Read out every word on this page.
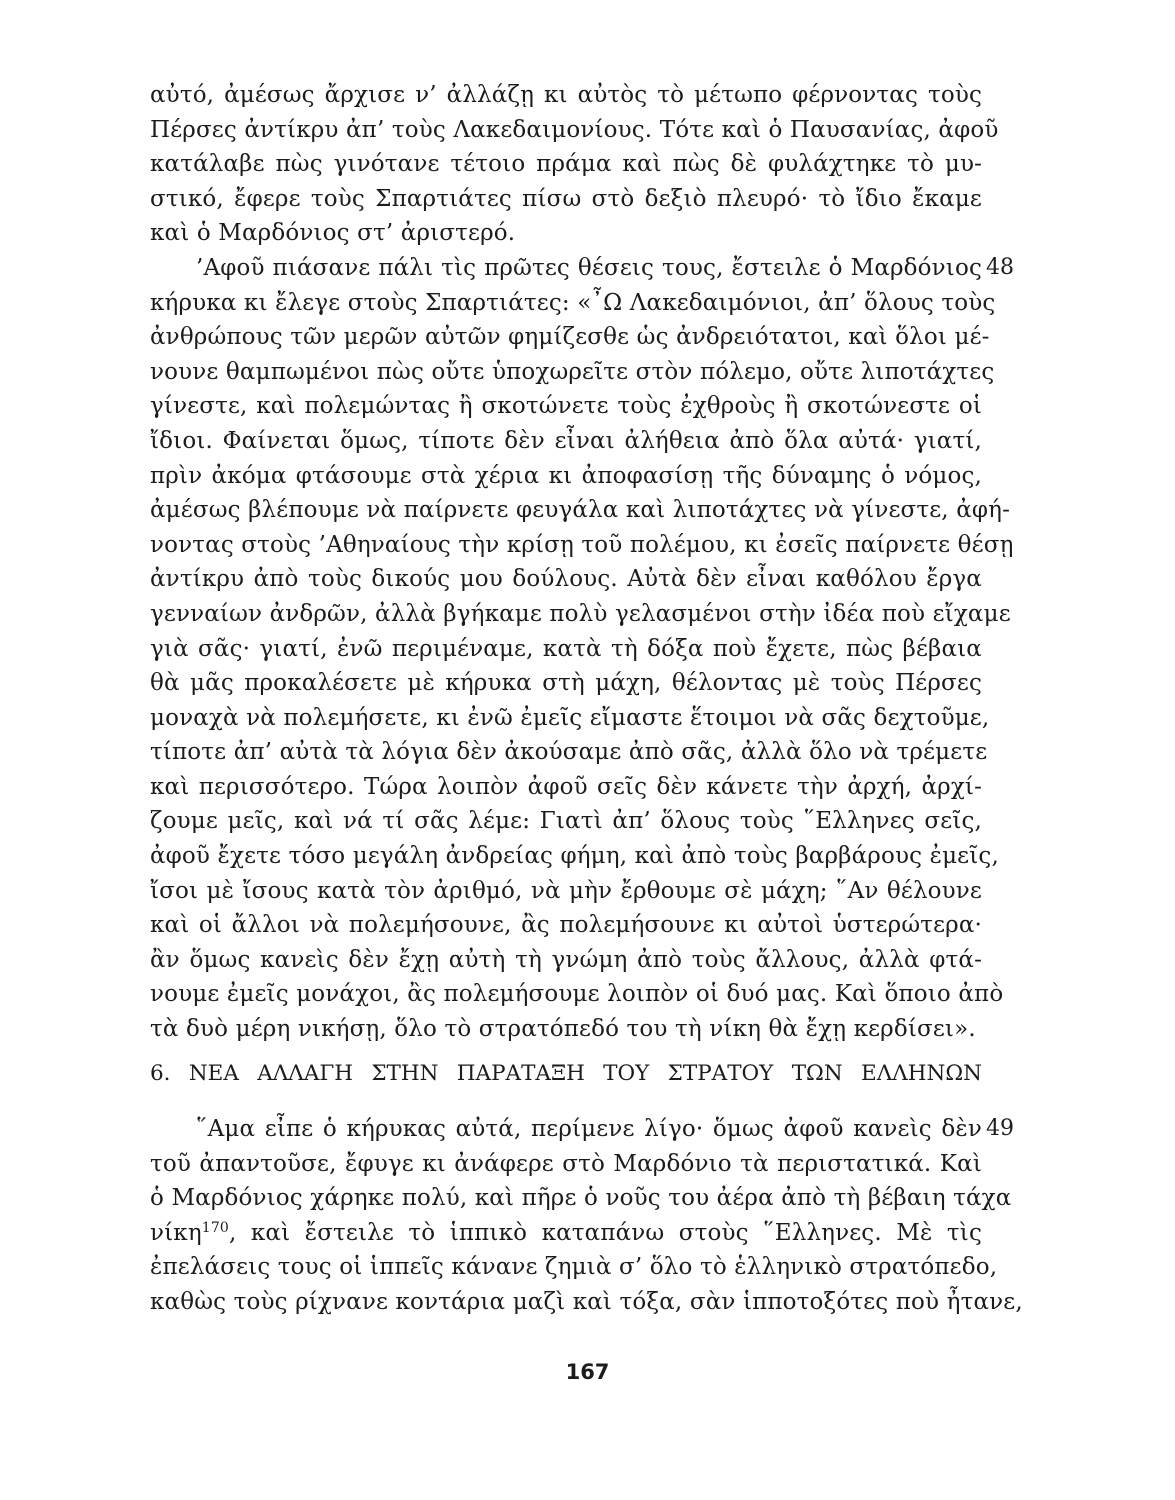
αὐτό, ἀμέσως ἄρχισε ν’ ἀλλάζῃ κι αὐτὸς τὸ μέτωπο φέρνοντας τοὺς
Πέρσες ἀντίκρυ ἀπ’ τοὺς Λακεδαιμονίους. Τότε καὶ ὁ Παυσανίας, ἀφοῦ
κατάλαβε πὼς γινότανε τέτοιο πράμα καὶ πὼς δὲ φυλάχτηκε τὸ μυ-
στικό, ἔφερε τοὺς Σπαρτιάτες πίσω στὸ δεξιὸ πλευρό· τὸ ἴδιο ἔκαμε
καὶ ὁ Μαρδόνιος στ’ ἀριστερό.
’Αφοῦ πιάσανε πάλι τὶς πρῶτες θέσεις τους, ἔστειλε ὁ Μαρδόνιος
κήρυκα κι ἔλεγε στοὺς Σπαρτιάτες: «῏Ω Λακεδαιμόνιοι, ἀπ’ ὅλους τοὺς
ἀνθρώπους τῶν μερῶν αὐτῶν φημίζεσθε ὡς ἀνδρειότατοι, καὶ ὅλοι μέ-
νουνε θαμπωμένοι πὼς οὔτε ὑποχωρεῖτε στὸν πόλεμο, οὔτε λιποτάχτες
γίνεστε, καὶ πολεμώντας ἢ σκοτώνετε τοὺς ἐχθροὺς ἢ σκοτώνεστε οἱ
ἴδιοι. Φαίνεται ὅμως, τίποτε δὲν εἶναι ἀλήθεια ἀπὸ ὅλα αὐτά· γιατί,
πρὶν ἀκόμα φτάσουμε στὰ χέρια κι ἀποφασίσῃ τῆς δύναμης ὁ νόμος,
ἀμέσως βλέπουμε νὰ παίρνετε φευγάλα καὶ λιποτάχτες νὰ γίνεστε, ἀφή-
νοντας στοὺς ’Αθηναίους τὴν κρίσῃ τοῦ πολέμου, κι ἐσεῖς παίρνετε θέσῃ
ἀντίκρυ ἀπὸ τοὺς δικούς μου δούλους. Αὐτὰ δὲν εἶναι καθόλου ἔργα
γενναίων ἀνδρῶν, ἀλλὰ βγήκαμε πολὺ γελασμένοι στὴν ἰδέα ποὺ εἴχαμε
γιὰ σᾶς· γιατί, ἐνῶ περιμέναμε, κατὰ τὴ δόξα ποὺ ἔχετε, πὼς βέβαια
θὰ μᾶς προκαλέσετε μὲ κήρυκα στὴ μάχη, θέλοντας μὲ τοὺς Πέρσες
μοναχὰ νὰ πολεμήσετε, κι ἐνῶ ἐμεῖς εἴμαστε ἕτοιμοι νὰ σᾶς δεχτοῦμε,
τίποτε ἀπ’ αὐτὰ τὰ λόγια δὲν ἀκούσαμε ἀπὸ σᾶς, ἀλλὰ ὅλο νὰ τρέμετε
καὶ περισσότερο. Τώρα λοιπὸν ἀφοῦ σεῖς δὲν κάνετε τὴν ἀρχή, ἀρχί-
ζουμε μεῖς, καὶ νά τί σᾶς λέμε: Γιατὶ ἀπ’ ὅλους τοὺς ῞Ελληνες σεῖς,
ἀφοῦ ἔχετε τόσο μεγάλη ἀνδρείας φήμη, καὶ ἀπὸ τοὺς βαρβάρους ἐμεῖς,
ἴσοι μὲ ἴσους κατὰ τὸν ἀριθμό, νὰ μὴν ἔρθουμε σὲ μάχη; ῞Αν θέλουνε
καὶ οἱ ἄλλοι νὰ πολεμήσουνε, ἂς πολεμήσουνε κι αὐτοὶ ὑστερώτερα·
ἂν ὅμως κανεὶς δὲν ἔχῃ αὐτὴ τὴ γνώμη ἀπὸ τοὺς ἄλλους, ἀλλὰ φτά-
νουμε ἐμεῖς μονάχοι, ἂς πολεμήσουμε λοιπὸν οἱ δυό μας. Καὶ ὅποιο ἀπὸ
τὰ δυὸ μέρη νικήσῃ, ὅλο τὸ στρατόπεδό του τὴ νίκη θὰ ἔχῃ κερδίσει».
48
6. ΝΕΑ ΑΛΛΑΓΗ ΣΤΗΝ ΠΑΡΑΤΑΞΗ ΤΟΥ ΣΤΡΑΤΟΥ ΤΩΝ ΕΛΛΗΝΩΝ
῞Αμα εἶπε ὁ κήρυκας αὐτά, περίμενε λίγο· ὅμως ἀφοῦ κανεὶς δὲν
τοῦ ἀπαντοῦσε, ἔφυγε κι ἀνάφερε στὸ Μαρδόνιο τὰ περιστατικά. Καὶ
ὁ Μαρδόνιος χάρηκε πολύ, καὶ πῆρε ὁ νοῦς του ἀέρα ἀπὸ τὴ βέβαιη τάχα
νίκη$^{170}$, καὶ ἔστειλε τὸ ἱππικὸ καταπάνω στοὺς ῞Ελληνες. Μὲ τὶς
ἐπελάσεις τους οἱ ἱππεῖς κάνανε ζημιὰ σ’ ὅλο τὸ ἑλληνικὸ στρατόπεδο,
καθὼς τοὺς ρίχνανε κοντάρια μαζὶ καὶ τόξα, σὰν ἱπποτοξότες ποὺ ἦτανε,
49
167
